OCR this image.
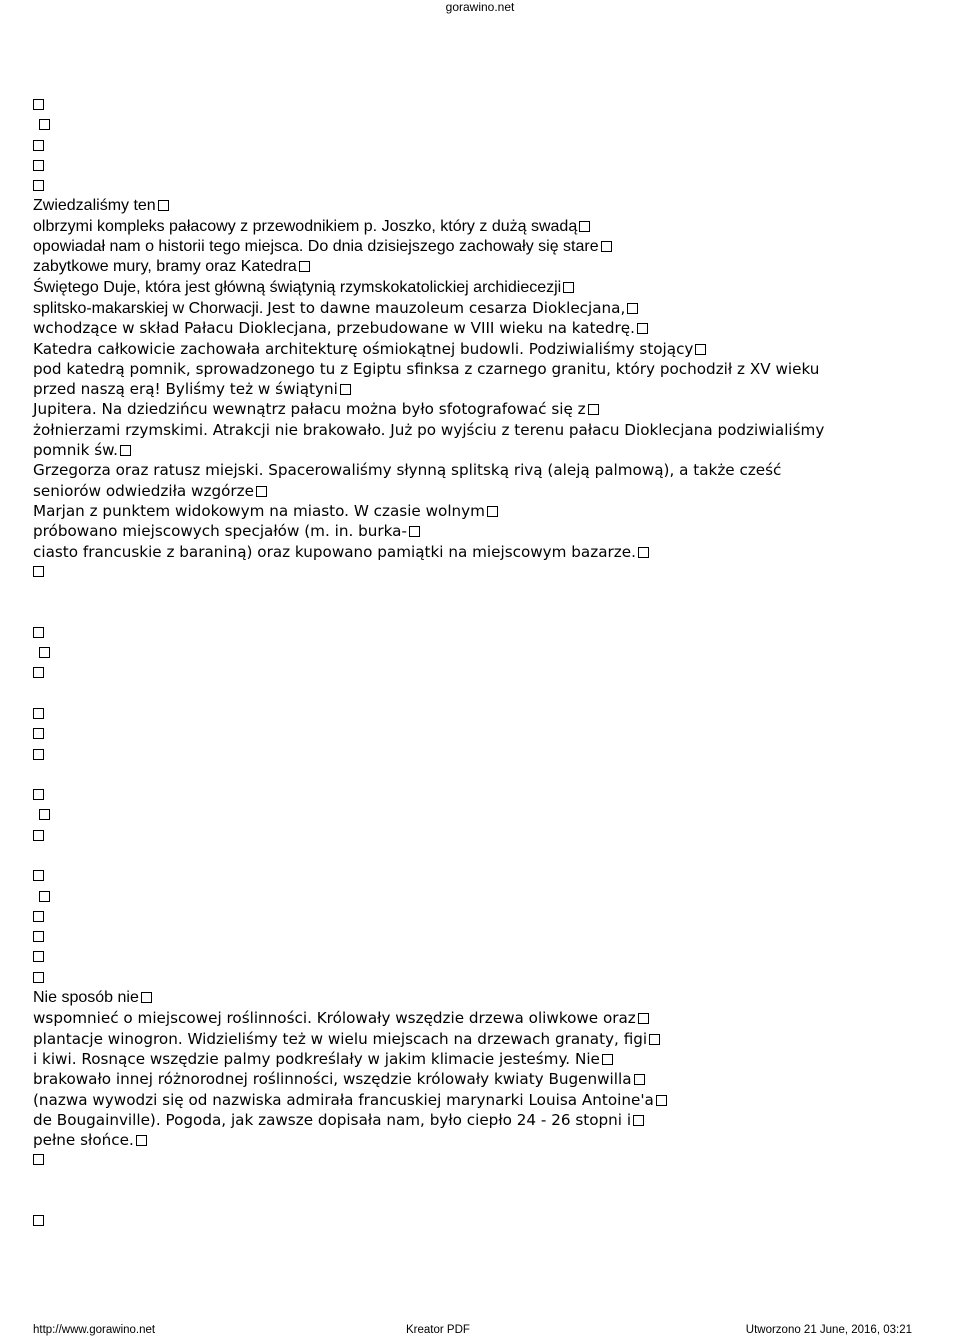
gorawino.net
Zwiedzaliśmy ten
olbrzymi kompleks pałacowy z przewodnikiem p. Joszko, który z dużą swadą
opowiadał nam o historii tego miejsca. Do dnia dzisiejszego zachowały się stare
zabytkowe mury, bramy oraz Katedra
Świętego Duje, która jest główną świątynią rzymskokatolickiej archidiecezji
splitsko-makarskiej w Chorwacji. Jest to dawne mauzoleum cesarza Dioklecjana,
wchodzące w skład Pałacu Dioklecjana, przebudowane w VIII wieku na katedrę.
Katedra całkowicie zachowała architekturę ośmiokątnej budowli. Podziwialiśmy stojący
pod katedrą pomnik, sprowadzonego tu z Egiptu sfinksa z czarnego granitu, który pochodził z XV wieku
przed naszą erą! Byliśmy też w świątyni
Jupitera. Na dziedzińcu wewnątrz pałacu można było sfotografować się z
żołnierzami rzymskimi. Atrakcji nie brakowało. Już po wyjściu z terenu pałacu Dioklecjana podziwialiśmy
pomnik św.
Grzegorza oraz ratusz miejski. Spacerowaliśmy słynną splitską rivą (aleją palmową), a także cześć
seniorów odwiedziła wzgórze
Marjan z punktem widokowym na miasto. W czasie wolnym
próbowano miejscowych specjałów (m. in. burka-
ciasto francuskie z baraniną) oraz kupowano pamiątki na miejscowym bazarze.
Nie sposób nie
wspomnieć o miejscowej roślinności. Królowały wszędzie drzewa oliwkowe oraz
plantacje winogron. Widzieliśmy też w wielu miejscach na drzewach granaty, figi
i kiwi. Rosnące wszędzie palmy podkreślały w jakim klimacie jesteśmy. Nie
brakowało innej różnorodnej roślinności, wszędzie królowały kwiaty Bugenwilla
(nazwa wywodzi się od nazwiska admirała francuskiej marynarki Louisa Antoine'a
de Bougainville). Pogoda, jak zawsze dopisała nam, było ciepło 24 - 26 stopni i
pełne słońce.
http://www.gorawino.net	Kreator PDF	Utworzono 21 June, 2016, 03:21
